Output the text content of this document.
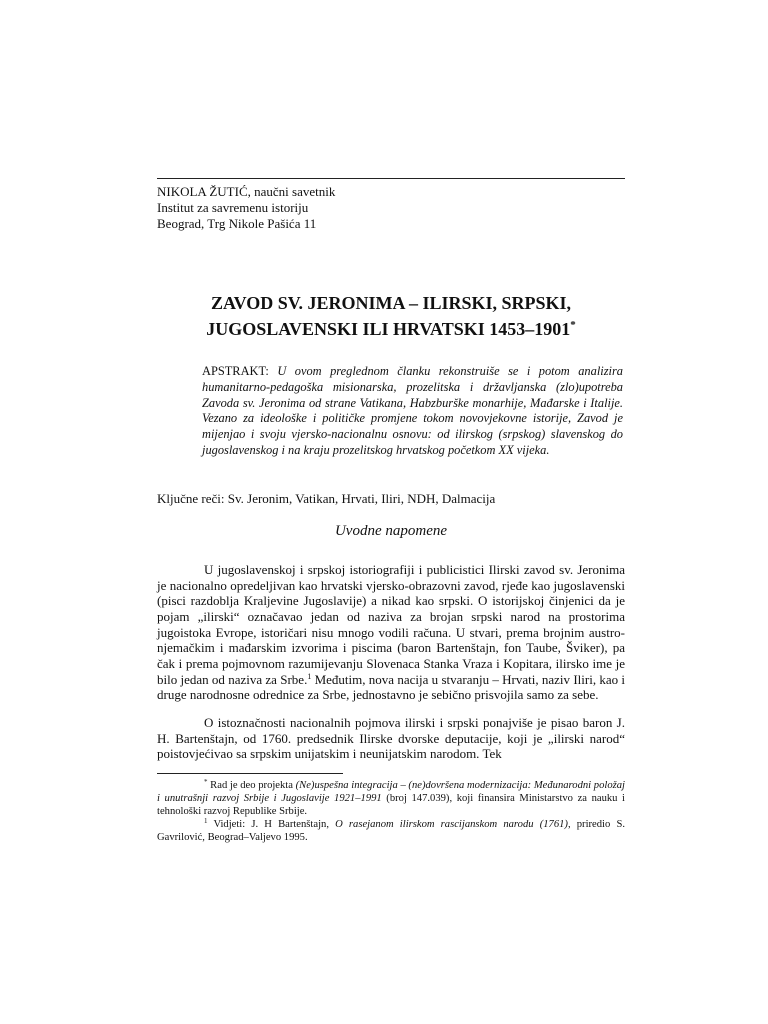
NIKOLA ŽUTIĆ, naučni savetnik
Institut za savremenu istoriju
Beograd, Trg Nikole Pašića 11
ZAVOD SV. JERONIMA – ILIRSKI, SRPSKI,
JUGOSLAVENSKI ILI HRVATSKI 1453–1901*
APSTRAKT: U ovom preglednom članku rekonstruiše se i potom analizira humanitarno-pedagoška misionarska, prozelitska i državljanska (zlo)upotreba Zavoda sv. Jeronima od strane Vatikana, Habzburške monarhije, Mađarske i Italije. Vezano za ideološke i političke promjene tokom novovjekovne istorije, Zavod je mijenjao i svoju vjersko-nacionalnu osnovu: od ilirskog (srpskog) slavenskog do jugoslavenskog i na kraju prozelitskog hrvatskog početkom XX vijeka.
Ključne reči: Sv. Jeronim, Vatikan, Hrvati, Iliri, NDH, Dalmacija
Uvodne napomene
U jugoslavenskoj i srpskoj istoriografiji i publicistici Ilirski zavod sv. Jeronima je nacionalno opredeljivan kao hrvatski vjersko-obrazovni zavod, rjeđe kao jugoslavenski (pisci razdoblja Kraljevine Jugoslavije) a nikad kao srpski. O istorijskoj činjenici da je pojam „ilirski“ označavao jedan od naziva za brojan srpski narod na prostorima jugoistoka Evrope, istoričari nisu mnogo vodili računa. U stvari, prema brojnim austro-njemačkim i mađarskim izvorima i piscima (baron Bartenštajn, fon Taube, Šviker), pa čak i prema pojmovnom razumijevanju Slovenaca Stanka Vraza i Kopitara, ilirsko ime je bilo jedan od naziva za Srbe.$^1$ Međutim, nova nacija u stvaranju – Hrvati, naziv Iliri, kao i druge narodnosne odrednice za Srbe, jednostavno je sebično prisvojila samo za sebe.
O istoznačnosti nacionalnih pojmova ilirski i srpski ponajviše je pisao baron J. H. Bartenštajn, od 1760. predsednik Ilirske dvorske deputacije, koji je „ilirski narod“ poistovjećivao sa srpskim unijatskim i neunijatskim narodom. Tek
* Rad je deo projekta (Ne)uspešna integracija – (ne)dovršena modernizacija: Međunarodni položaj i unutrašnji razvoj Srbije i Jugoslavije 1921–1991 (broj 147.039), koji finansira Ministarstvo za nauku i tehnološki razvoj Republike Srbije.
$^1$ Vidjeti: J. H Bartenštajn, O rasejanom ilirskom rascijanskom narodu (1761), priredio S. Gavrilović, Beograd–Valjevo 1995.
